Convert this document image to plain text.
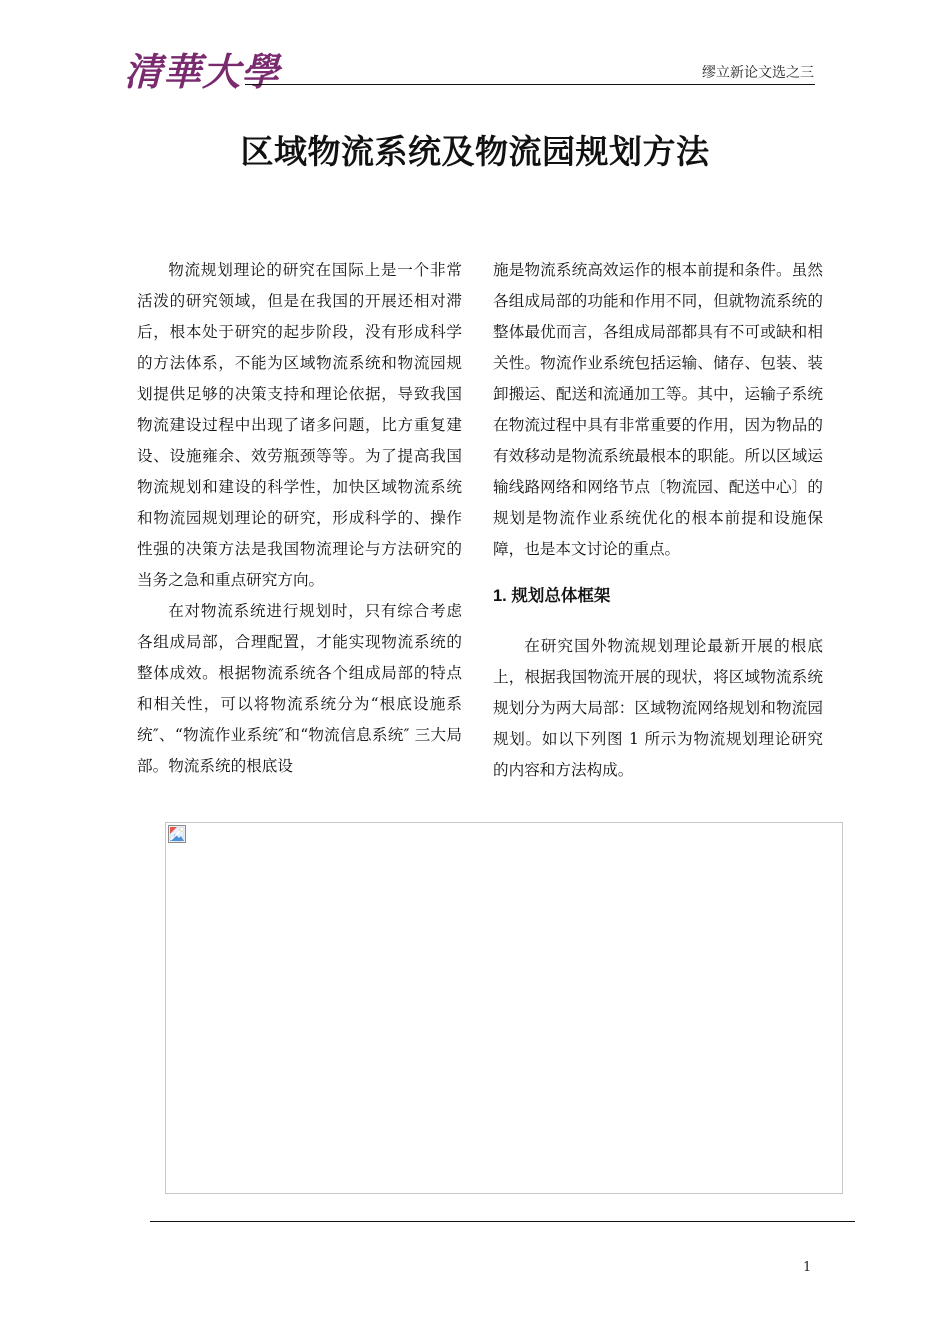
清華大學	缪立新论文选之三
区域物流系统及物流园规划方法

物流规划理论的研究在国际上是一个非常活泼的研究领域，但是在我国的开展还相对滞后，根本处于研究的起步阶段，没有形成科学的方法体系，不能为区域物流系统和物流园规划提供足够的决策支持和理论依据，导致我国物流建设过程中出现了诸多问题，比方重复建设、设施雍余、效劳瓶颈等等。为了提高我国物流规划和建设的科学性，加快区域物流系统和物流园规划理论的研究，形成科学的、操作性强的决策方法是我国物流理论与方法研究的当务之急和重点研究方向。

在对物流系统进行规划时，只有综合考虑各组成局部，合理配置，才能实现物流系统的整体成效。根据物流系统各个组成局部的特点和相关性，可以将物流系统分为“根底设施系统″、“物流作业系统″和“物流信息系统″ 三大局部。物流系统的根底设

施是物流系统高效运作的根本前提和条件。虽然各组成局部的功能和作用不同，但就物流系统的整体最优而言，各组成局部都具有不可或缺和相关性。物流作业系统包括运输、储存、包装、装卸搬运、配送和流通加工等。其中，运输子系统在物流过程中具有非常重要的作用，因为物品的有效移动是物流系统最根本的职能。所以区域运输线路网络和网络节点〔物流园、配送中心〕的规划是物流作业系统优化的根本前提和设施保障，也是本文讨论的重点。

1. 规划总体框架

在研究国外物流规划理论最新开展的根底上，根据我国物流开展的现状，将区域物流系统规划分为两大局部：区域物流网络规划和物流园规划。如以下列图 1 所示为物流规划理论研究的内容和方法构成。

1
